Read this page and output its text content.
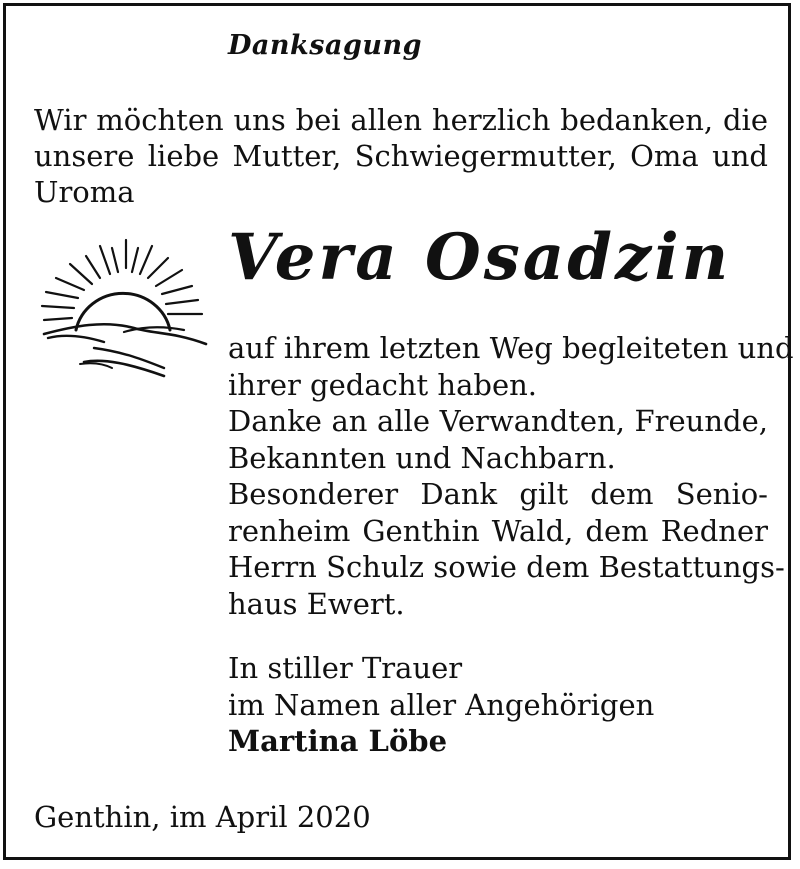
Danksagung
Wir möchten uns bei allen herzlich bedanken, die
unsere liebe Mutter, Schwiegermutter, Oma und
Uroma
Vera Osadzin
auf ihrem letzten Weg begleiteten und
ihrer gedacht haben.
Danke an alle Verwandten, Freunde,
Bekannten und Nachbarn.
Besonderer Dank gilt dem Senio-
renheim Genthin Wald, dem Redner
Herrn Schulz sowie dem Bestattungs-
haus Ewert.
In stiller Trauer
im Namen aller Angehörigen
Martina Löbe
Genthin, im April 2020
